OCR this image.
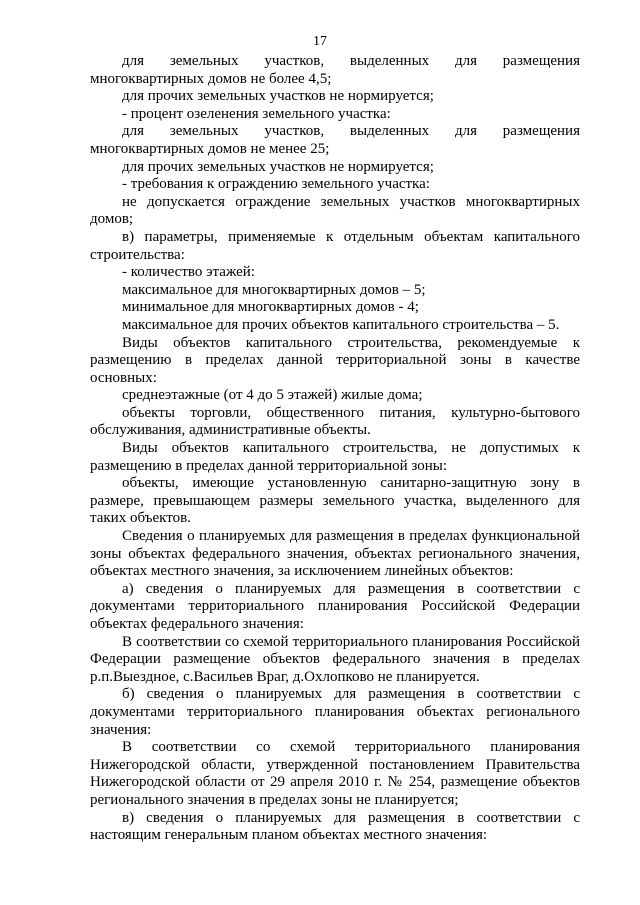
17

для земельных участков, выделенных для размещения многоквартирных домов не более 4,5;

для прочих земельных участков не нормируется;

- процент озеленения земельного участка:

для земельных участков, выделенных для размещения многоквартирных домов не менее 25;

для прочих земельных участков не нормируется;

- требования к ограждению земельного участка:

не допускается ограждение земельных участков многоквартирных домов;

в) параметры, применяемые к отдельным объектам капитального строительства:

- количество этажей:

максимальное для многоквартирных домов – 5;

минимальное для многоквартирных домов - 4;

максимальное для прочих объектов капитального строительства – 5.

Виды объектов капитального строительства, рекомендуемые к размещению в пределах данной территориальной зоны в качестве основных:

среднеэтажные (от 4 до 5 этажей) жилые дома;

объекты торговли, общественного питания, культурно-бытового обслуживания, административные объекты.

Виды объектов капитального строительства, не допустимых к размещению в пределах данной территориальной зоны:

объекты, имеющие установленную санитарно-защитную зону в размере, превышающем размеры земельного участка, выделенного для таких объектов.

Сведения о планируемых для размещения в пределах функциональной зоны объектах федерального значения, объектах регионального значения, объектах местного значения, за исключением линейных объектов:

а) сведения о планируемых для размещения в соответствии с документами территориального планирования Российской Федерации объектах федерального значения:

В соответствии со схемой территориального планирования Российской Федерации размещение объектов федерального значения в пределах р.п.Выездное, с.Васильев Враг, д.Охлопково не планируется.

б) сведения о планируемых для размещения в соответствии с документами территориального планирования объектах регионального значения:

В соответствии со схемой территориального планирования Нижегородской области, утвержденной постановлением Правительства Нижегородской области от 29 апреля 2010 г. № 254, размещение объектов регионального значения в пределах зоны не планируется;

в) сведения о планируемых для размещения в соответствии с настоящим генеральным планом объектах местного значения:
